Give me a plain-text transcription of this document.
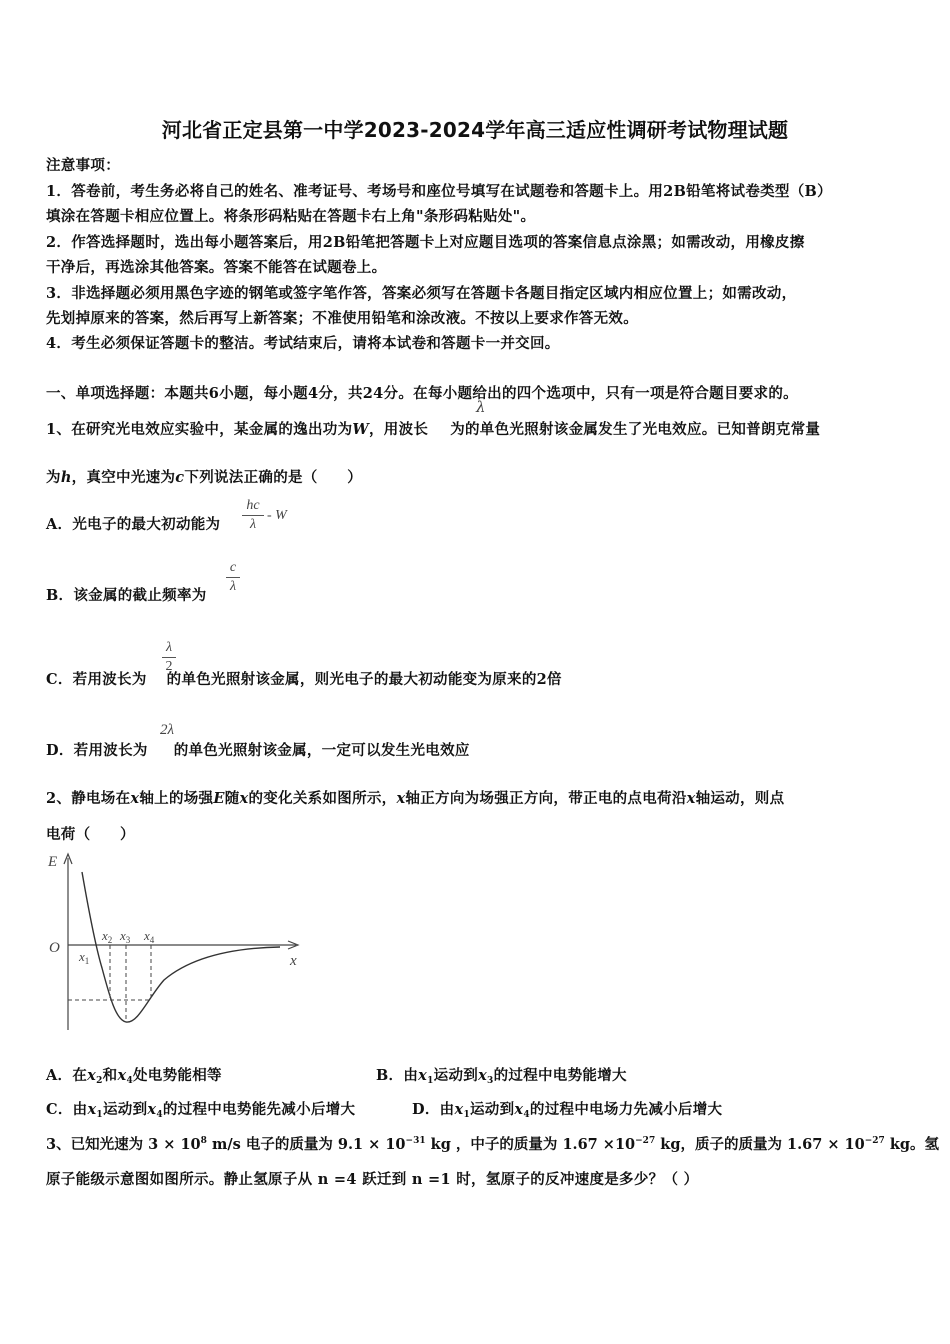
河北省正定县第一中学2023-2024学年高三适应性调研考试物理试题
注意事项：
1．答卷前，考生务必将自己的姓名、准考证号、考场号和座位号填写在试题卷和答题卡上。用2B铅笔将试卷类型（B）
填涂在答题卡相应位置上。将条形码粘贴在答题卡右上角"条形码粘贴处"。
2．作答选择题时，选出每小题答案后，用2B铅笔把答题卡上对应题目选项的答案信息点涂黑；如需改动，用橡皮擦
干净后，再选涂其他答案。答案不能答在试题卷上。
3．非选择题必须用黑色字迹的钢笔或签字笔作答，答案必须写在答题卡各题目指定区域内相应位置上；如需改动，
先划掉原来的答案，然后再写上新答案；不准使用铅笔和涂改液。不按以上要求作答无效。
4．考生必须保证答题卡的整洁。考试结束后，请将本试卷和答题卡一并交回。
一、单项选择题：本题共6小题，每小题4分，共24分。在每小题给出的四个选项中，只有一项是符合题目要求的。
1、在研究光电效应实验中，某金属的逸出功为W，用波长 为的单色光照射该金属发生了光电效应。已知普朗克常量
λ
为h，真空中光速为c下列说法正确的是（　　）
A．光电子的最大初动能为
hc
λ
- W
B．该金属的截止频率为
c
λ
C．若用波长为 的单色光照射该金属，则光电子的最大初动能变为原来的2倍
λ
2
D．若用波长为 的单色光照射该金属，一定可以发生光电效应
2λ
2、静电场在x轴上的场强E随x的变化关系如图所示，x轴正方向为场强正方向，带正电的点电荷沿x轴运动，则点
电荷（　　）
E
O
x
$x_1$
$x_2$ $x_3$ $x_4$
A．在$x_2$和$x_4$处电势能相等	B．由$x_1$运动到$x_3$的过程中电势能增大
C．由$x_1$运动到$x_4$的过程中电势能先减小后增大	D．由$x_1$运动到$x_4$的过程中电场力先减小后增大
3、已知光速为 $3 \times 10^8$ m/s 电子的质量为 $9.1 \times 10^{-31}$ kg ，中子的质量为 $1.67 \times 10^{-27}$ kg，质子的质量为 $1.67 \times 10^{-27}$ kg。氢
原子能级示意图如图所示。静止氢原子从 n =4 跃迁到 n =1 时，氢原子的反冲速度是多少？（ ）
